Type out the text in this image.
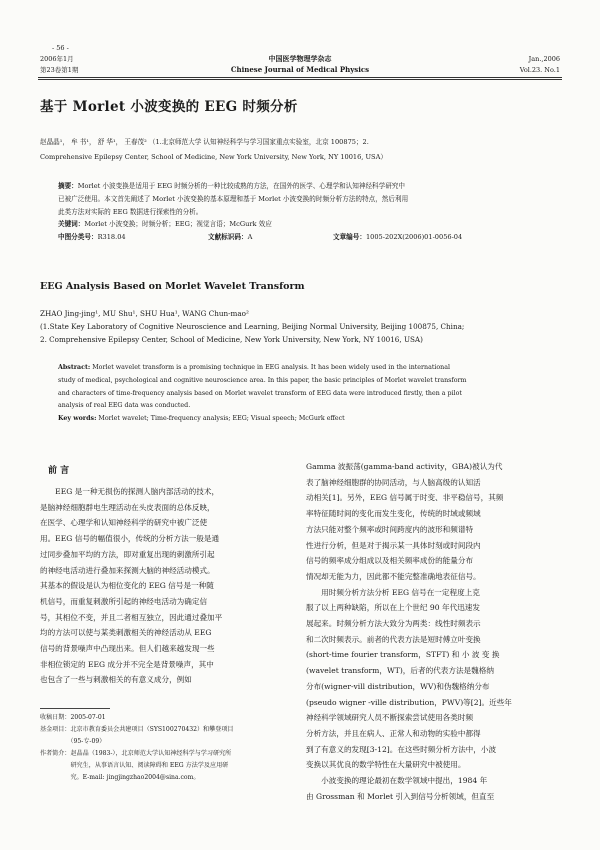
- 56 -
2006年1月
第23卷第1期
中国医学物理学杂志
Chinese Journal of Medical Physics
Jan.,2006
Vol.23. No.1
基于 Morlet 小波变换的 EEG 时频分析
赵晶晶¹， 牟 书¹， 舒 华¹， 王春茂² （1.北京师范大学 认知神经科学与学习国家重点实验室，北京 100875；2.
Comprehensive Epilepsy Center, School of Medicine, New York University, New York, NY 10016, USA）
摘要：Morlet 小波变换是适用于 EEG 时频分析的一种比较成熟的方法，在国外的医学、心理学和认知神经科学研究中
已被广泛使用。本文首先阐述了 Morlet 小波变换的基本原理和基于 Morlet 小波变换的时频分析方法的特点，然后利用
此类方法对实际的 EEG 数据进行探索性的分析。
关键词：Morlet 小波变换；时频分析；EEG；视觉言语；McGurk 效应
中图分类号：R318.04	文献标识码：A	文章编号：1005-202X(2006)01-0056-04
EEG Analysis Based on Morlet Wavelet Transform
ZHAO Jing-jing¹, MU Shu¹, SHU Hua¹, WANG Chun-mao²
(1.State Key Laboratory of Cognitive Neuroscience and Learning, Beijing Normal University, Beijing 100875, China;
2. Comprehensive Epilepsy Center, School of Medicine, New York University, New York, NY 10016, USA)
Abstract: Morlet wavelet transform is a promising technique in EEG analysis. It has been widely used in the international
study of medical, psychological and cognitive neuroscience area. In this paper, the basic principles of Morlet wavelet transform
and characters of time-frequency analysis based on Morlet wavelet transform of EEG data were introduced firstly, then a pilot
analysis of real EEG data was conducted.
Key words: Morlet wavelet; Time-frequency analysis; EEG; Visual speech; McGurk effect
前 言
　　EEG 是一种无损伤的探测人脑内部活动的技术，
是脑神经细胞群电生理活动在头皮表面的总体反映，
在医学、心理学和认知神经科学的研究中被广泛使
用。EEG 信号的幅值很小，传统的分析方法一般是通
过同步叠加平均的方法，即对重复出现的刺激所引起
的神经电活动进行叠加来探测大脑的神经活动模式。
其基本的假设是认为相位变化的 EEG 信号是一种随
机信号，而重复刺激所引起的神经电活动为确定信
号，其相位不变，并且二者相互独立，因此通过叠加平
均的方法可以使与某类刺激相关的神经活动从 EEG
信号的背景噪声中凸现出来。但人们越来越发现一些
非相位锁定的 EEG 成分并不完全是背景噪声，其中
也包含了一些与刺激相关的有意义成分，例如
收稿日期：2005-07-01
基金项目：北京市教育委员会共建项目（SYS100270432）和攀登项目
　　　　　（95-专-09）
作者简介：赵晶晶（1983-），北京师范大学认知神经科学与学习研究所
　　　　　研究生，从事语言认知、阅读障碍和 EEG 方法学及应用研
　　　　　究。E-mail: jingjingzhao2004@sina.com。
Gamma 波振荡(gamma-band activity，GBA)被认为代
表了脑神经细胞群的协同活动，与人脑高级的认知活
动相关[1]。另外，EEG 信号属于时变、非平稳信号，其频
率特征随时间的变化而发生变化，传统的时域或频域
方法只能对整个频率或时间跨度内的波形和频谱特
性进行分析，但是对于揭示某一具体时刻或时间段内
信号的频率成分组成以及相关频率成份的能量分布
情况却无能为力，因此都不能完整准确地表征信号。
　　用时频分析方法分析 EEG 信号在一定程度上克
服了以上两种缺陷，所以在上个世纪 90 年代迅速发
展起来。时频分析方法大致分为两类：线性时频表示
和二次时频表示。前者的代表方法是短时傅立叶变换
(short-time fourier transform，STFT) 和 小 波 变 换
(wavelet transform，WT)，后者的代表方法是魏格纳
分布(wigner-vill distribution，WV)和伪魏格纳分布
(pseudo wigner -ville distribution，PWV)等[2]。近些年
神经科学领域研究人员不断探索尝试使用各类时频
分析方法，并且在病人、正常人和动物的实验中都得
到了有意义的发现[3-12]。在这些时频分析方法中，小波
变换以其优良的数学特性在大量研究中被使用。
　　小波变换的理论最初在数学领域中提出，1984 年
由 Grossman 和 Morlet 引入到信号分析领域，但直至
